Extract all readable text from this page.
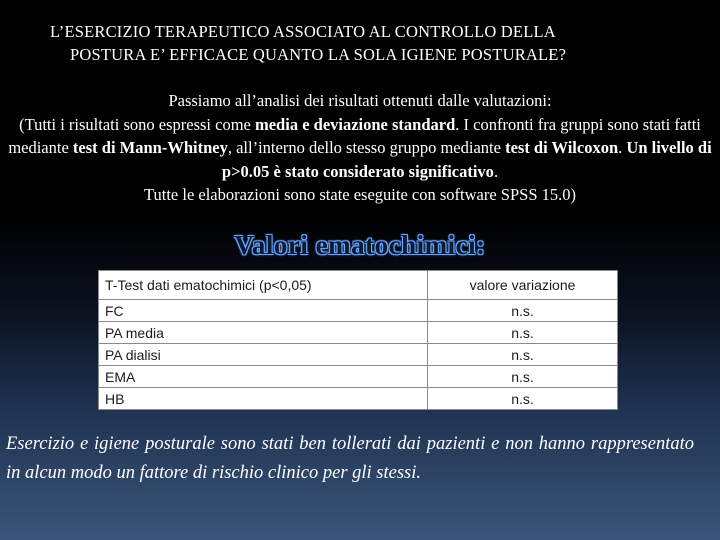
L’ESERCIZIO TERAPEUTICO ASSOCIATO AL CONTROLLO DELLA
POSTURA E’ EFFICACE QUANTO LA SOLA IGIENE POSTURALE?
Passiamo all’analisi dei risultati ottenuti dalle valutazioni:
(Tutti i risultati sono espressi come media e deviazione standard. I confronti fra gruppi sono stati fatti mediante test di Mann-Whitney, all’interno dello stesso gruppo mediante test di Wilcoxon. Un livello di p>0.05 è stato considerato significativo.
Tutte le elaborazioni sono state eseguite con software SPSS 15.0)
Valori ematochimici:
T-Test dati ematochimici (p<0,05)	valore variazione
FC	n.s.
PA media	n.s.
PA dialisi	n.s.
EMA	n.s.
HB	n.s.
Esercizio e igiene posturale sono stati ben tollerati dai pazienti e non hanno rappresentato in alcun modo un fattore di rischio clinico per gli stessi.
